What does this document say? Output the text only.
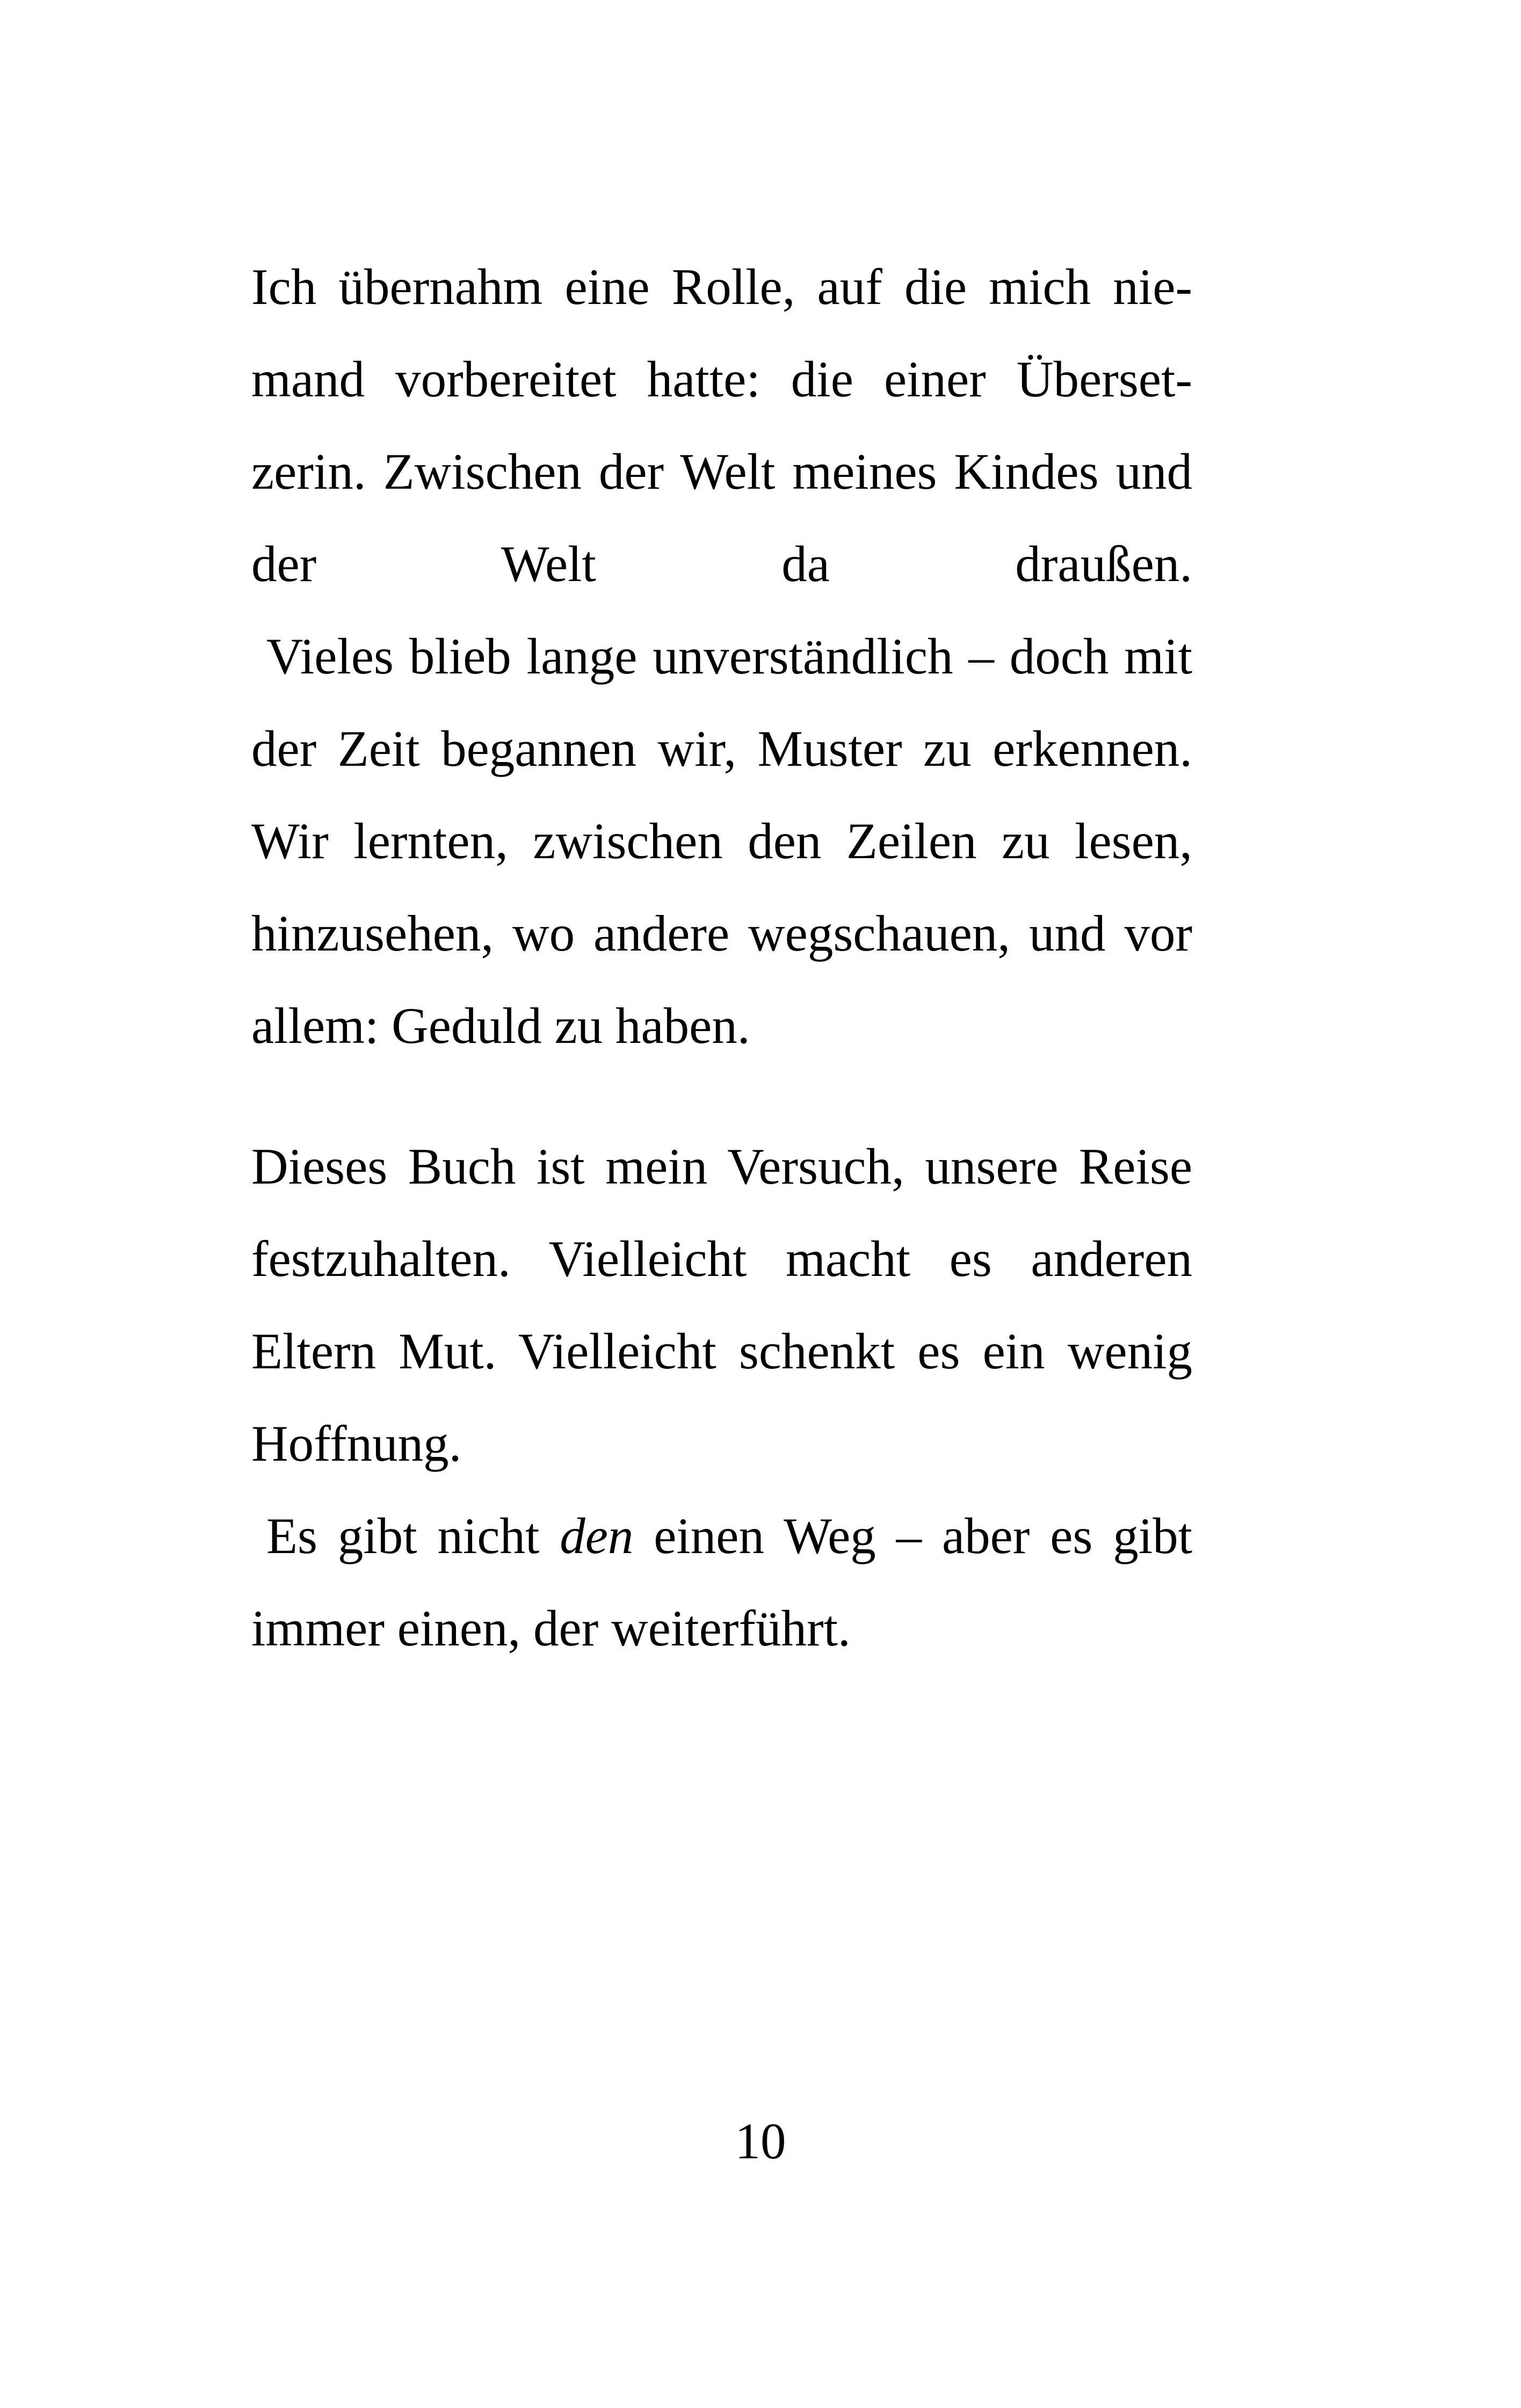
Ich übernahm eine Rolle, auf die mich nie-
mand vorbereitet hatte: die einer Überset-
zerin. Zwischen der Welt meines Kindes und
der Welt da draußen.
Vieles blieb lange unverständlich – doch mit
der Zeit begannen wir, Muster zu erkennen.
Wir lernten, zwischen den Zeilen zu lesen,
hinzusehen, wo andere wegschauen, und vor
allem: Geduld zu haben.
Dieses Buch ist mein Versuch, unsere Reise
festzuhalten. Vielleicht macht es anderen
Eltern Mut. Vielleicht schenkt es ein wenig
Hoffnung.
Es gibt nicht den einen Weg – aber es gibt
immer einen, der weiterführt.
10
